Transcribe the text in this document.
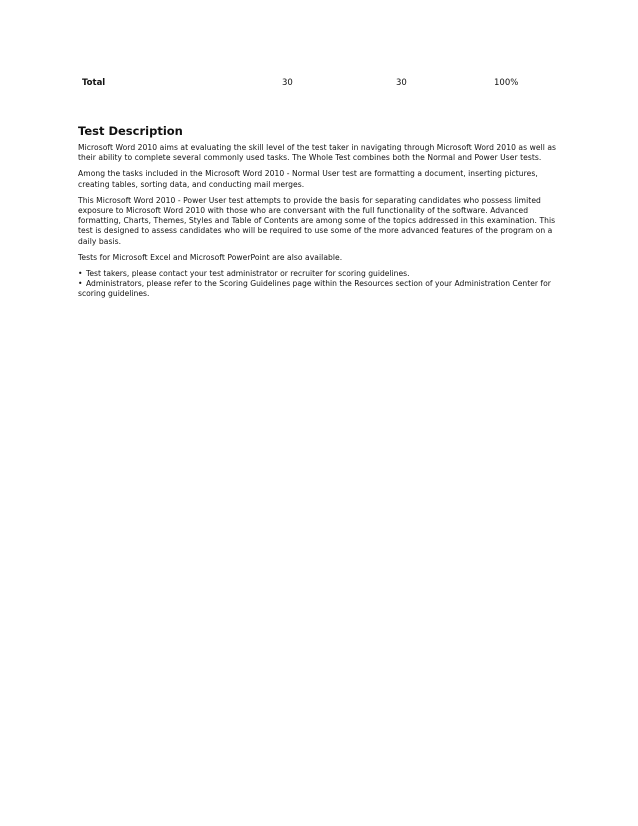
Total	30	30	100%
Test Description

Microsoft Word 2010 aims at evaluating the skill level of the test taker in navigating through Microsoft Word 2010 as well as their ability to complete several commonly used tasks. The Whole Test combines both the Normal and Power User tests.

Among the tasks included in the Microsoft Word 2010 - Normal User test are formatting a document, inserting pictures, creating tables, sorting data, and conducting mail merges.

This Microsoft Word 2010 - Power User test attempts to provide the basis for separating candidates who possess limited exposure to Microsoft Word 2010 with those who are conversant with the full functionality of the software. Advanced formatting, Charts, Themes, Styles and Table of Contents are among some of the topics addressed in this examination. This test is designed to assess candidates who will be required to use some of the more advanced features of the program on a daily basis.

Tests for Microsoft Excel and Microsoft PowerPoint are also available.

• Test takers, please contact your test administrator or recruiter for scoring guidelines.
• Administrators, please refer to the Scoring Guidelines page within the Resources section of your Administration Center for scoring guidelines.
